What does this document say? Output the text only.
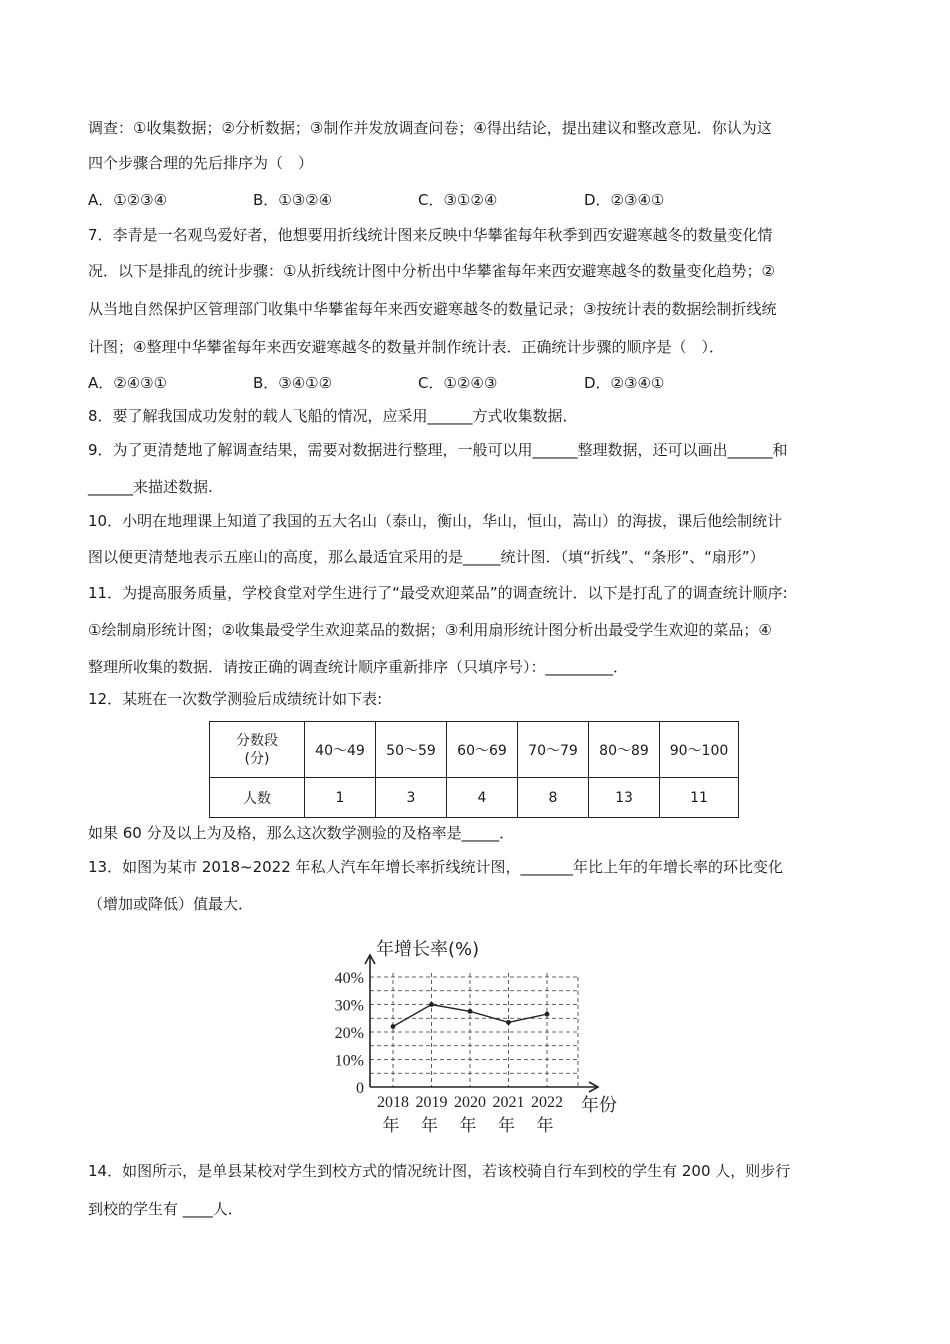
调查：①收集数据；②分析数据；③制作并发放调查问卷；④得出结论，提出建议和整改意见．你认为这
四个步骤合理的先后排序为（　）
A．①②③④	B．①③②④	C．③①②④	D．②③④①
7．李青是一名观鸟爱好者，他想要用折线统计图来反映中华攀雀每年秋季到西安避寒越冬的数量变化情
况．以下是排乱的统计步骤：①从折线统计图中分析出中华攀雀每年来西安避寒越冬的数量变化趋势；②
从当地自然保护区管理部门收集中华攀雀每年来西安避寒越冬的数量记录；③按统计表的数据绘制折线统
计图；④整理中华攀雀每年来西安避寒越冬的数量并制作统计表．正确统计步骤的顺序是（　）．
A．②④③①	B．③④①②	C．①②④③	D．②③④①
8．要了解我国成功发射的载人飞船的情况，应采用______方式收集数据．
9．为了更清楚地了解调查结果，需要对数据进行整理，一般可以用______整理数据，还可以画出______和
______来描述数据.
10．小明在地理课上知道了我国的五大名山（泰山，衡山，华山，恒山，嵩山）的海拔，课后他绘制统计
图以便更清楚地表示五座山的高度，那么最适宜采用的是_____统计图．（填“折线”、“条形”、“扇形”）
11．为提高服务质量，学校食堂对学生进行了“最受欢迎菜品”的调查统计．以下是打乱了的调查统计顺序:
①绘制扇形统计图；②收集最受学生欢迎菜品的数据；③利用扇形统计图分析出最受学生欢迎的菜品；④
整理所收集的数据．请按正确的调查统计顺序重新排序（只填序号）：_________．
12．某班在一次数学测验后成绩统计如下表:
分数段
(分)	40～49	50～59	60～69	70～79	80～89	90～100
人数	1	3	4	8	13	11
如果 60 分及以上为及格，那么这次数学测验的及格率是_____．
13．如图为某市 2018~2022 年私人汽车年增长率折线统计图，_______年比上年的年增长率的环比变化
（增加或降低）值最大．
0
10%
20%
30%
40%
年增长率(%)
2018
年
2019
年
2020
年
2021
年
2022
年
年份
14．如图所示，是单县某校对学生到校方式的情况统计图，若该校骑自行车到校的学生有 200 人，则步行
到校的学生有 ____人．
